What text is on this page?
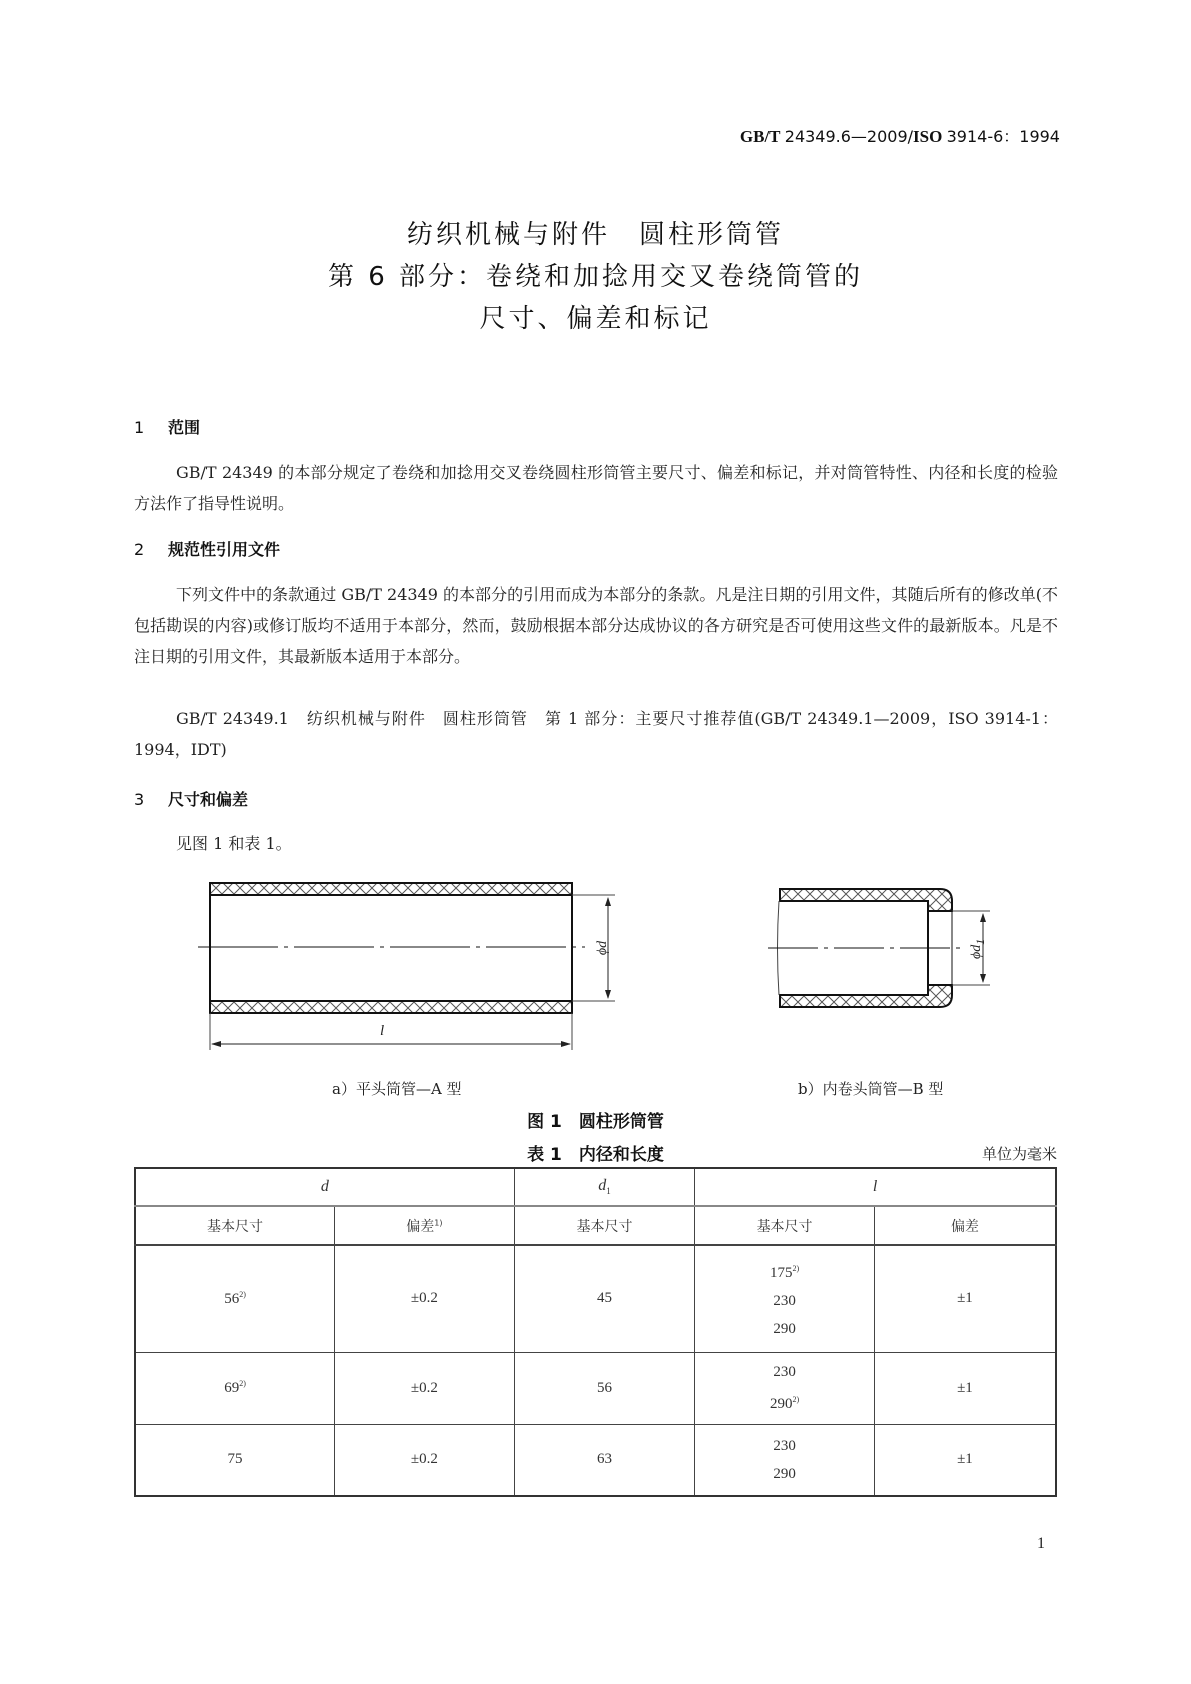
GB/T 24349.6—2009/ISO 3914-6：1994
纺织机械与附件　圆柱形筒管
第 6 部分：卷绕和加捻用交叉卷绕筒管的
尺寸、偏差和标记
1 范围
GB/T 24349 的本部分规定了卷绕和加捻用交叉卷绕圆柱形筒管主要尺寸、偏差和标记，并对筒管特性、内径和长度的检验方法作了指导性说明。
2 规范性引用文件
下列文件中的条款通过 GB/T 24349 的本部分的引用而成为本部分的条款。凡是注日期的引用文件，其随后所有的修改单(不包括勘误的内容)或修订版均不适用于本部分，然而，鼓励根据本部分达成协议的各方研究是否可使用这些文件的最新版本。凡是不注日期的引用文件，其最新版本适用于本部分。
GB/T 24349.1　纺织机械与附件　圆柱形筒管　第 1 部分：主要尺寸推荐值(GB/T 24349.1—2009，ISO 3914-1：1994，IDT)
3 尺寸和偏差
见图 1 和表 1。
ϕd	$\phi d_1$
l
a）平头筒管—A 型	b）内卷头筒管—B 型
图 1　圆柱形筒管
表 1　内径和长度	单位为毫米
d		$d_1$	l	
基本尺寸	偏差$^{1)}$	基本尺寸	基本尺寸	偏差
$56^{2)}$	±0.2	45	175$^{2)}$
230
290	±1
$69^{2)}$	±0.2	56	230
$290^{2)}$	±1
75	±0.2	63	230
290	±1
1
